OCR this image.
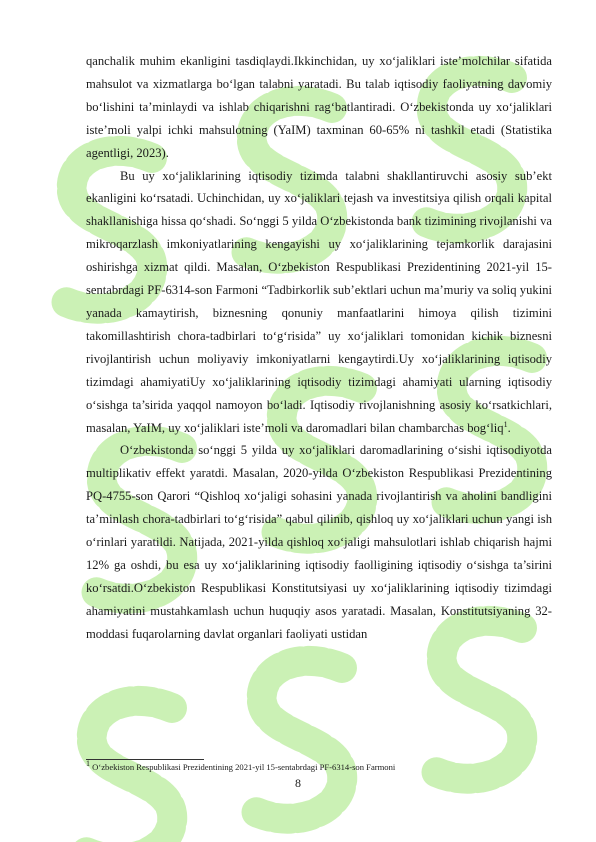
qanchalik muhim ekanligini tasdiqlaydi.Ikkinchidan, uy xo‘jaliklari iste’molchilar sifatida mahsulot va xizmatlarga bo‘lgan talabni yaratadi. Bu talab iqtisodiy faoliyatning davomiy bo‘lishini ta’minlaydi va ishlab chiqarishni rag‘batlantiradi. O‘zbekistonda uy xo‘jaliklari iste’moli yalpi ichki mahsulotning (YaIM) taxminan 60-65% ni tashkil etadi (Statistika agentligi, 2023).

Bu uy xo‘jaliklarining iqtisodiy tizimda talabni shakllantiruvchi asosiy sub’ekt ekanligini ko‘rsatadi. Uchinchidan, uy xo‘jaliklari tejash va investitsiya qilish orqali kapital shakllanishiga hissa qo‘shadi. So‘nggi 5 yilda O‘zbekistonda bank tizimining rivojlanishi va mikroqarzlash imkoniyatlarining kengayishi uy xo‘jaliklarining tejamkorlik darajasini oshirishga xizmat qildi. Masalan, O‘zbekiston Respublikasi Prezidentining 2021-yil 15-sentabrdagi PF-6314-son Farmoni “Tadbirkorlik sub’ektlari uchun ma’muriy va soliq yukini yanada kamaytirish, biznesning qonuniy manfaatlarini himoya qilish tizimini takomillashtirish chora-tadbirlari to‘g‘risida” uy xo‘jaliklari tomonidan kichik biznesni rivojlantirish uchun moliyaviy imkoniyatlarni kengaytirdi.Uy xo‘jaliklarining iqtisodiy tizimdagi ahamiyatiUy xo‘jaliklarining iqtisodiy tizimdagi ahamiyati ularning iqtisodiy o‘sishga ta’sirida yaqqol namoyon bo‘ladi. Iqtisodiy rivojlanishning asosiy ko‘rsatkichlari, masalan, YaIM, uy xo‘jaliklari iste’moli va daromadlari bilan chambarchas bog‘liq$^1$.

O‘zbekistonda so‘nggi 5 yilda uy xo‘jaliklari daromadlarining o‘sishi iqtisodiyotda multiplikativ effekt yaratdi. Masalan, 2020-yilda O‘zbekiston Respublikasi Prezidentining PQ-4755-son Qarori “Qishloq xo‘jaligi sohasini yanada rivojlantirish va aholini bandligini ta’minlash chora-tadbirlari to‘g‘risida” qabul qilinib, qishloq uy xo‘jaliklari uchun yangi ish o‘rinlari yaratildi. Natijada, 2021-yilda qishloq xo‘jaligi mahsulotlari ishlab chiqarish hajmi 12% ga oshdi, bu esa uy xo‘jaliklarining iqtisodiy faolligining iqtisodiy o‘sishga ta’sirini ko‘rsatdi.O‘zbekiston Respublikasi Konstitutsiyasi uy xo‘jaliklarining iqtisodiy tizimdagi ahamiyatini mustahkamlash uchun huquqiy asos yaratadi. Masalan, Konstitutsiyaning 32-moddasi fuqarolarning davlat organlari faoliyati ustidan

1 O‘zbekiston Respublikasi Prezidentining 2021-yil 15-sentabrdagi PF-6314-son Farmoni

8
